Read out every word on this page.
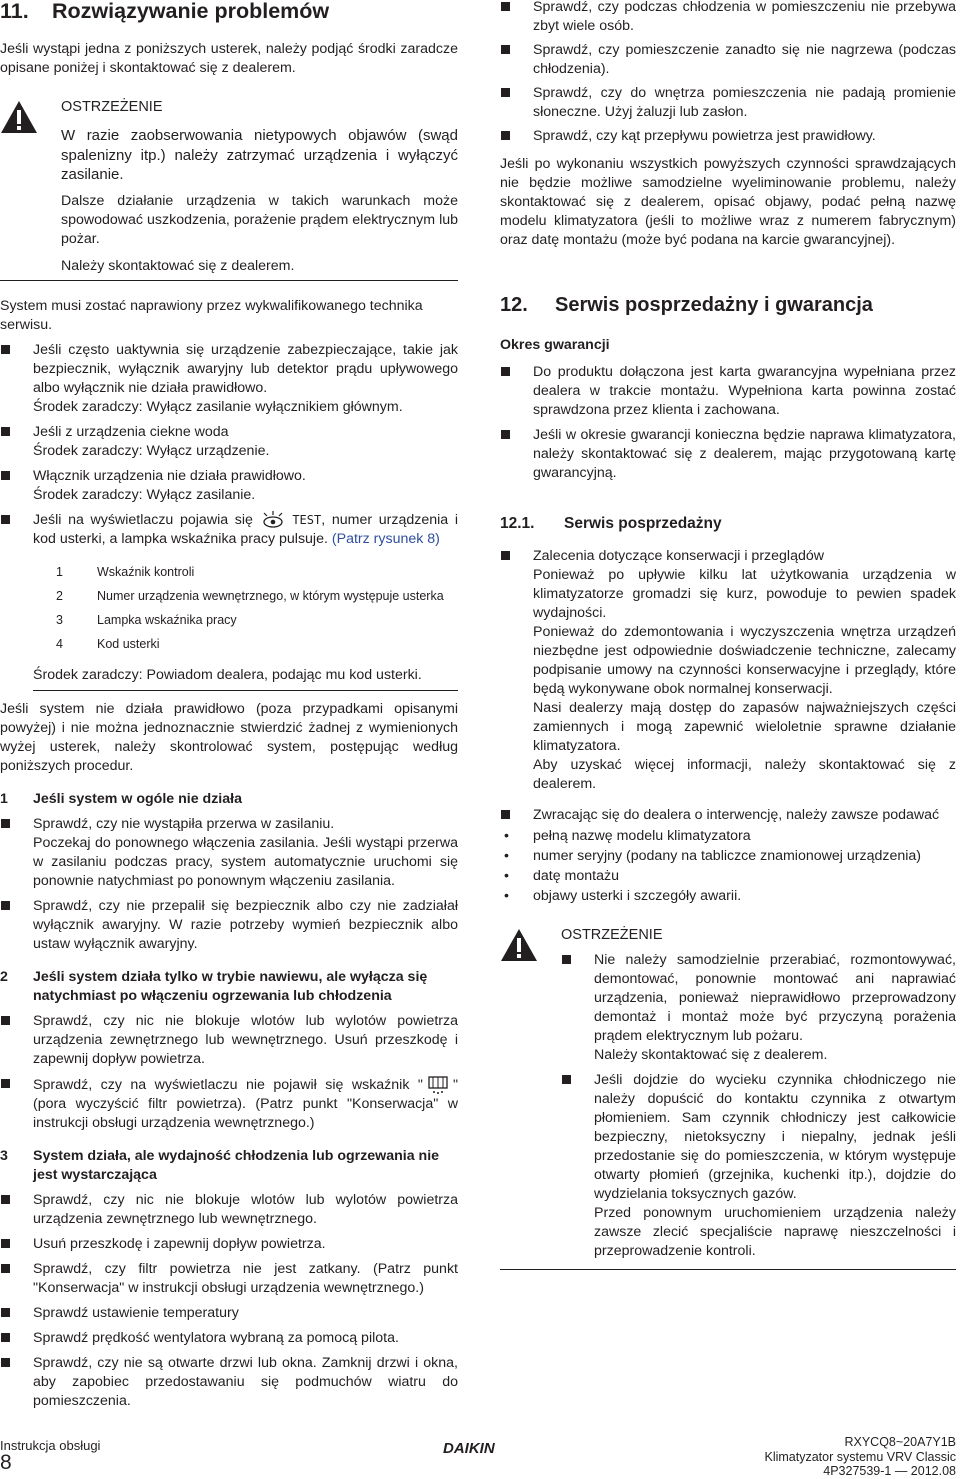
11. Rozwiązywanie problemów

Jeśli wystąpi jedna z poniższych usterek, należy podjąć środki zaradcze opisane poniżej i skontaktować się z dealerem.

OSTRZEŻENIE

W razie zaobserwowania nietypowych objawów (swąd spalenizny itp.) należy zatrzymać urządzenia i wyłączyć zasilanie.

Dalsze działanie urządzenia w takich warunkach może spowodować uszkodzenia, porażenie prądem elektrycznym lub pożar.

Należy skontaktować się z dealerem.

System musi zostać naprawiony przez wykwalifikowanego technika serwisu.

Jeśli często uaktywnia się urządzenie zabezpieczające, takie jak bezpiecznik, wyłącznik awaryjny lub detektor prądu upływowego albo wyłącznik nie działa prawidłowo.

Środek zaradczy: Wyłącz zasilanie wyłącznikiem głównym.

Jeśli z urządzenia ciekne woda

Środek zaradczy: Wyłącz urządzenie.

Włącznik urządzenia nie działa prawidłowo.

Środek zaradczy: Wyłącz zasilanie.

Jeśli na wyświetlaczu pojawia się	TEST, numer urządzenia i kod usterki, a lampka wskaźnika pracy pulsuje. (Patrz rysunek 8)
1	Wskaźnik kontroli
2	Numer urządzenia wewnętrznego, w którym występuje usterka
3	Lampka wskaźnika pracy
4	Kod usterki

Środek zaradczy: Powiadom dealera, podając mu kod usterki.

Jeśli system nie działa prawidłowo (poza przypadkami opisanymi powyżej) i nie można jednoznacznie stwierdzić żadnej z wymienionych wyżej usterek, należy skontrolować system, postępując według poniższych procedur.

1 Jeśli system w ogóle nie działa

Sprawdź, czy nie wystąpiła przerwa w zasilaniu.

Poczekaj do ponownego włączenia zasilania. Jeśli wystąpi przerwa w zasilaniu podczas pracy, system automatycznie uruchomi się ponownie natychmiast po ponownym włączeniu zasilania.

Sprawdź, czy nie przepalił się bezpiecznik albo czy nie zadziałał wyłącznik awaryjny. W razie potrzeby wymień bezpiecznik albo ustaw wyłącznik awaryjny.

2 Jeśli system działa tylko w trybie nawiewu, ale wyłącza się natychmiast po włączeniu ogrzewania lub chłodzenia

Sprawdź, czy nic nie blokuje wlotów lub wylotów powietrza urządzenia zewnętrznego lub wewnętrznego. Usuń przeszkodę i zapewnij dopływ powietrza.

Sprawdź, czy na wyświetlaczu nie pojawił się wskaźnik " " (pora wyczyścić filtr powietrza). (Patrz punkt "Konserwacja" w instrukcji obsługi urządzenia wewnętrznego.)
3 System działa, ale wydajność chłodzenia lub ogrzewania nie jest wystarczająca

Sprawdź, czy nic nie blokuje wlotów lub wylotów powietrza urządzenia zewnętrznego lub wewnętrznego.

Usuń przeszkodę i zapewnij dopływ powietrza.

Sprawdź, czy filtr powietrza nie jest zatkany. (Patrz punkt "Konserwacja" w instrukcji obsługi urządzenia wewnętrznego.)

Sprawdź ustawienie temperatury

Sprawdź prędkość wentylatora wybraną za pomocą pilota.

Sprawdź, czy nie są otwarte drzwi lub okna. Zamknij drzwi i okna, aby zapobiec przedostawaniu się podmuchów wiatru do pomieszczenia.

Sprawdź, czy podczas chłodzenia w pomieszczeniu nie przebywa zbyt wiele osób.

Sprawdź, czy pomieszczenie zanadto się nie nagrzewa (podczas chłodzenia).

Sprawdź, czy do wnętrza pomieszczenia nie padają promienie słoneczne. Użyj żaluzji lub zasłon.

Sprawdź, czy kąt przepływu powietrza jest prawidłowy.

Jeśli po wykonaniu wszystkich powyższych czynności sprawdzających nie będzie możliwe samodzielne wyeliminowanie problemu, należy skontaktować się z dealerem, opisać objawy, podać pełną nazwę modelu klimatyzatora (jeśli to możliwe wraz z numerem fabrycznym) oraz datę montażu (może być podana na karcie gwarancyjnej).

12. Serwis posprzedażny i gwarancja

Okres gwarancji

Do produktu dołączona jest karta gwarancyjna wypełniana przez dealera w trakcie montażu. Wypełniona karta powinna zostać sprawdzona przez klienta i zachowana.

Jeśli w okresie gwarancji konieczna będzie naprawa klimatyzatora, należy skontaktować się z dealerem, mając przygotowaną kartę gwarancyjną.

12.1. Serwis posprzedażny

Zalecenia dotyczące konserwacji i przeglądów

Ponieważ po upływie kilku lat użytkowania urządzenia w klimatyzatorze gromadzi się kurz, powoduje to pewien spadek wydajności.

Ponieważ do zdemontowania i wyczyszczenia wnętrza urządzeń niezbędne jest odpowiednie doświadczenie techniczne, zalecamy podpisanie umowy na czynności konserwacyjne i przeglądy, które będą wykonywane obok normalnej konserwacji.

Nasi dealerzy mają dostęp do zapasów najważniejszych części zamiennych i mogą zapewnić wieloletnie sprawne działanie klimatyzatora.

Aby uzyskać więcej informacji, należy skontaktować się z dealerem.

Zwracając się do dealera o interwencję, należy zawsze podawać

• pełną nazwę modelu klimatyzatora

• numer seryjny (podany na tabliczce znamionowej urządzenia)

• datę montażu

• objawy usterki i szczegóły awarii.

OSTRZEŻENIE

Nie należy samodzielnie przerabiać, rozmontowywać, demontować, ponownie montować ani naprawiać urządzenia, ponieważ nieprawidłowo przeprowadzony demontaż i montaż może być przyczyną porażenia prądem elektrycznym lub pożaru.

Należy skontaktować się z dealerem.

Jeśli dojdzie do wycieku czynnika chłodniczego nie należy dopuścić do kontaktu czynnika z otwartym płomieniem. Sam czynnik chłodniczy jest całkowicie bezpieczny, nietoksyczny i niepalny, jednak jeśli przedostanie się do pomieszczenia, w którym występuje otwarty płomień (grzejnika, kuchenki itp.), dojdzie do wydzielania toksycznych gazów.

Przed ponownym uruchomieniem urządzenia należy zawsze zlecić specjaliście naprawę nieszczelności i przeprowadzenie kontroli.

Instrukcja obsługi
8
DAIKIN	RXYCQ8~20A7Y1B
Klimatyzator systemu VRV Classic
4P327539-1 — 2012.08
